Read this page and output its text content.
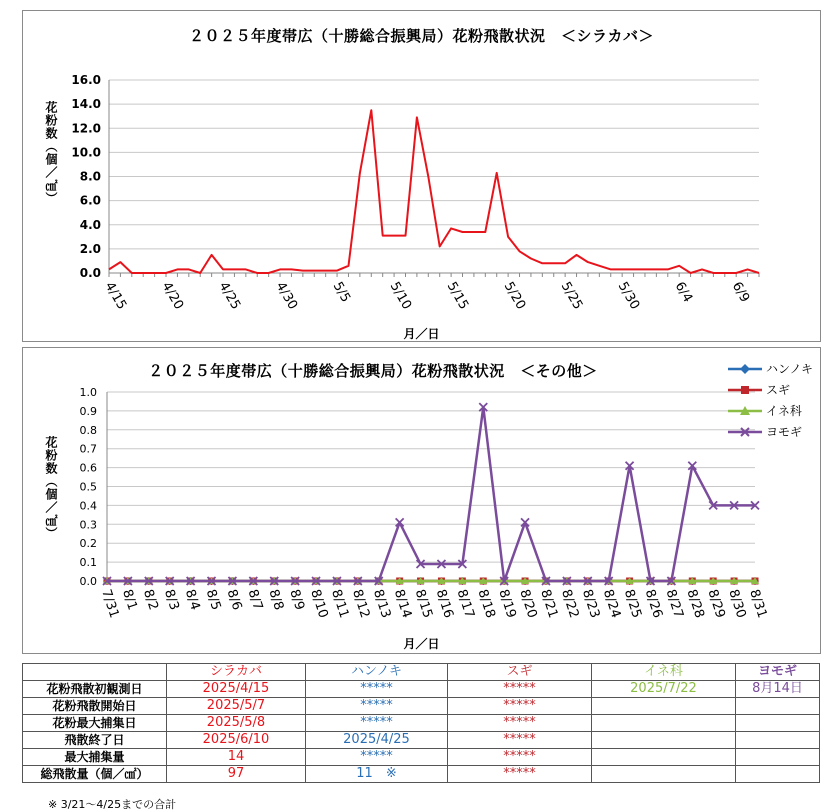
２０２５年度帯広（十勝総合振興局）花粉飛散状況　＜シラカバ＞
花粉数（個／㎠）
0.0
2.0
4.0
6.0
8.0
10.0
12.0
14.0
16.0
4/15 4/20 4/25 4/30 5/5	5/10 5/15 5/20 5/25 5/30 6/4	6/9
月／日
２０２５年度帯広（十勝総合振興局）花粉飛散状況　＜その他＞
花粉数（個／㎠）
0.0
0.1
0.2
0.3
0.4
0.5
0.6
0.7
0.8
0.9
1.0
7/31
8/1 8/2 8/3 8/4 8/5 8/6 8/7 8/8 8/9 8/10
8/11
8/12
8/13
8/14
8/15
8/16
8/17
8/18
8/19
8/20
8/21
8/22
8/23
8/24
8/25
8/26
8/27
8/28
8/29
8/30
8/31
月／日
ハンノキ
スギ
イネ科
ヨモギ
	シラカバ	ハンノキ	スギ	イネ科	ヨモギ
花粉飛散初観測日	2025/4/15	*****	*****	2025/7/22	8月14日
花粉飛散開始日	2025/5/7	*****	*****		
花粉最大捕集日	2025/5/8	*****	*****		
飛散終了日	2025/6/10	2025/4/25	*****		
最大捕集量	14	*****	*****		
総飛散量（個／㎠）	97	11　※	*****		
※ 3/21～4/25までの合計
